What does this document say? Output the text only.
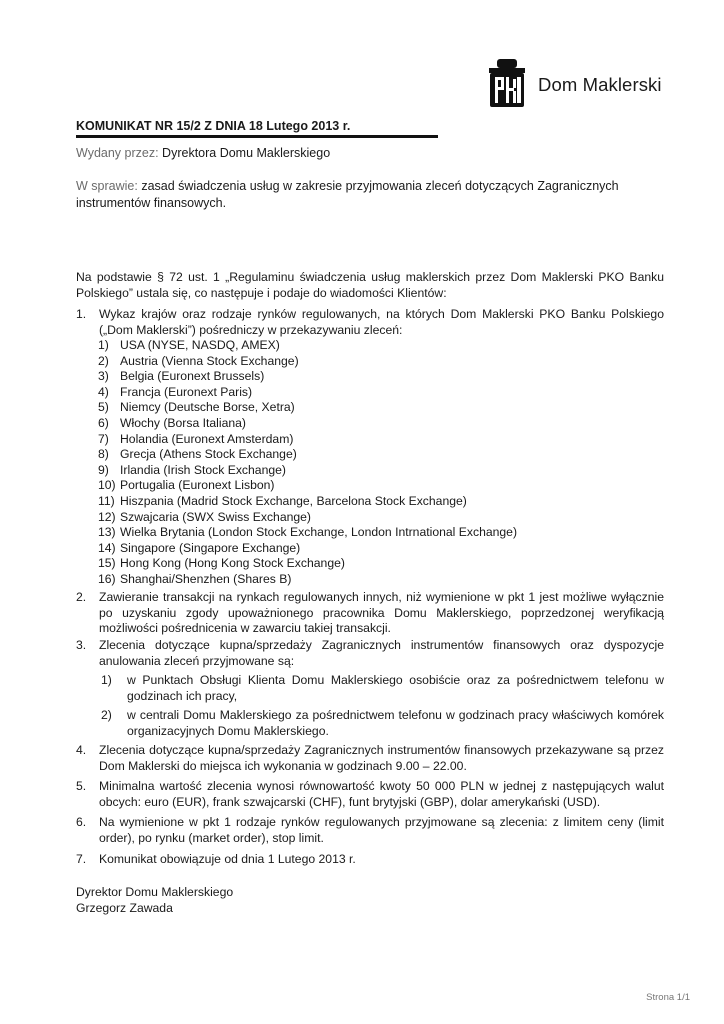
Dom Maklerski
KOMUNIKAT NR 15/2 Z DNIA 18 Lutego 2013 r.
Wydany przez: Dyrektora Domu Maklerskiego
W sprawie: zasad świadczenia usług w zakresie przyjmowania zleceń dotyczących Zagranicznych instrumentów finansowych.
Na podstawie § 72 ust. 1 „Regulaminu świadczenia usług maklerskich przez Dom Maklerski PKO Banku Polskiego” ustala się, co następuje i podaje do wiadomości Klientów:
1. Wykaz krajów oraz rodzaje rynków regulowanych, na których Dom Maklerski PKO Banku Polskiego („Dom Maklerski”) pośredniczy w przekazywaniu zleceń:
1) USA (NYSE, NASDQ, AMEX)
2) Austria (Vienna Stock Exchange)
3) Belgia (Euronext Brussels)
4) Francja (Euronext Paris)
5) Niemcy (Deutsche Borse, Xetra)
6) Włochy (Borsa Italiana)
7) Holandia (Euronext Amsterdam)
8) Grecja (Athens Stock Exchange)
9) Irlandia (Irish Stock Exchange)
10) Portugalia (Euronext Lisbon)
11) Hiszpania (Madrid Stock Exchange, Barcelona Stock Exchange)
12) Szwajcaria (SWX Swiss Exchange)
13) Wielka Brytania (London Stock Exchange, London Intrnational Exchange)
14) Singapore (Singapore Exchange)
15) Hong Kong (Hong Kong Stock Exchange)
16) Shanghai/Shenzhen (Shares B)
2. Zawieranie transakcji na rynkach regulowanych innych, niż wymienione w pkt 1 jest możliwe wyłącznie po uzyskaniu zgody upoważnionego pracownika Domu Maklerskiego, poprzedzonej weryfikacją możliwości pośrednicenia w zawarciu takiej transakcji.
3. Zlecenia dotyczące kupna/sprzedaży Zagranicznych instrumentów finansowych oraz dyspozycje anulowania zleceń przyjmowane są:
1) w Punktach Obsługi Klienta Domu Maklerskiego osobiście oraz za pośrednictwem telefonu w godzinach ich pracy,
2) w centrali Domu Maklerskiego za pośrednictwem telefonu w godzinach pracy właściwych komórek organizacyjnych Domu Maklerskiego.
4. Zlecenia dotyczące kupna/sprzedaży Zagranicznych instrumentów finansowych przekazywane są przez Dom Maklerski do miejsca ich wykonania w godzinach 9.00 – 22.00.
5. Minimalna wartość zlecenia wynosi równowartość kwoty 50 000 PLN w jednej z następujących walut obcych: euro (EUR), frank szwajcarski (CHF), funt brytyjski (GBP), dolar amerykański (USD).
6. Na wymienione w pkt 1 rodzaje rynków regulowanych przyjmowane są zlecenia: z limitem ceny (limit order), po rynku (market order), stop limit.
7. Komunikat obowiązuje od dnia 1 Lutego 2013 r.
Dyrektor Domu Maklerskiego
Grzegorz Zawada
Strona 1/1
